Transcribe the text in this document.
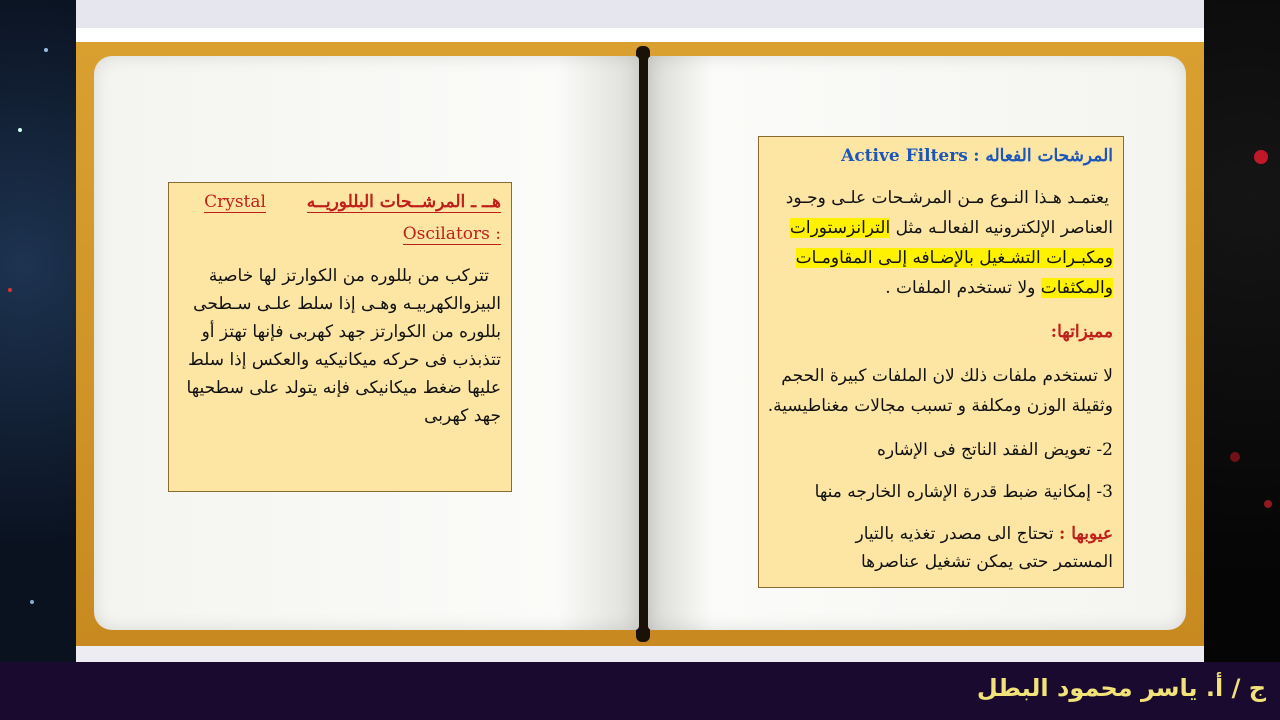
هــ ـ المرشــحات البللوريــه  Crystal
: Oscilators
تتركب من بللوره من الكوارتز لها خاصية
البيزوالكهربيـه وهـى إذا سلط علـى سـطحى
بللوره من الكوارتز جهد كهربى فإنها تهتز أو
تتذبذب فى حركه ميكانيكيه والعكس إذا سلط
عليها ضغط ميكانيكى فإنه يتولد على سطحيها
جهد كهربى
المرشحات الفعاله : Active Filters
يعتمـد هـذا النـوع مـن المرشـحات علـى وجـود
العناصر الإلكترونيه الفعالـه مثل الترانزستورات
ومكبـرات التشـغيل بالإضـافه إلـى المقاومـات
والمكثفات ولا تستخدم الملفات .
مميزاتها:
لا تستخدم ملفات ذلك لان الملفات كبيرة الحجم
وثقيلة الوزن ومكلفة و تسبب مجالات مغناطيسية.
2- تعويض الفقد الناتج فى الإشاره
3- إمكانية ضبط قدرة الإشاره الخارجه منها
عيوبها : تحتاج الى مصدر تغذيه بالتيار
المستمر حتى يمكن تشغيل عناصرها
ج / أ. ياسر محمود البطل
